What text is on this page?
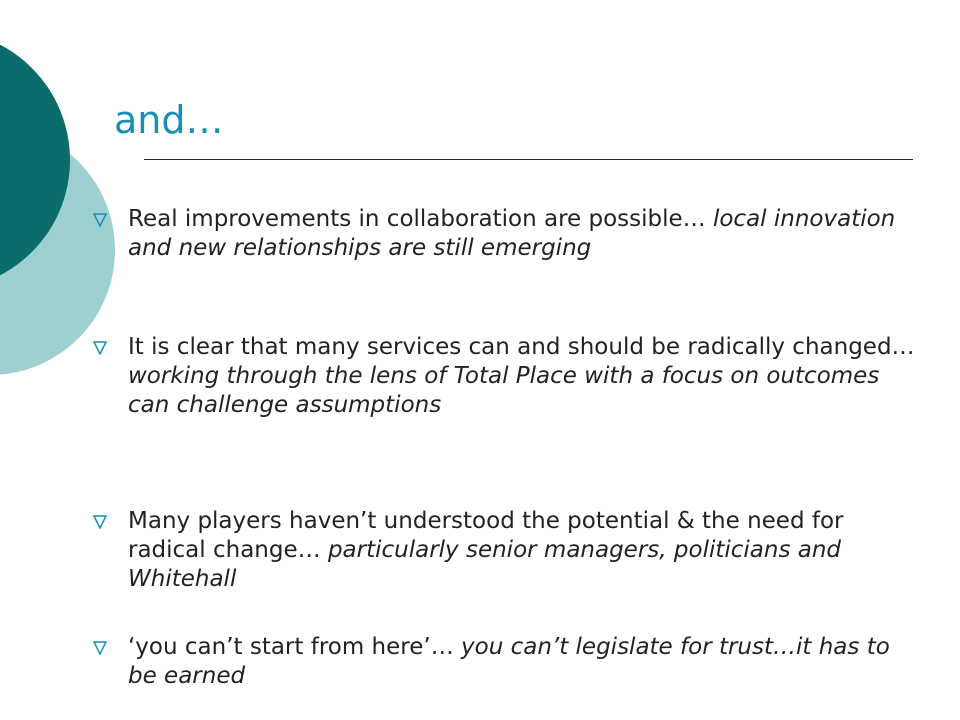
and…
Real improvements in collaboration are possible… local innovation and new relationships are still emerging
It is clear that many services can and should be radically changed… working through the lens of Total Place with a focus on outcomes can challenge assumptions
Many players haven’t understood the potential & the need for radical change… particularly senior managers, politicians and Whitehall
‘you can’t start from here’… you can’t legislate for trust…it has to be earned
